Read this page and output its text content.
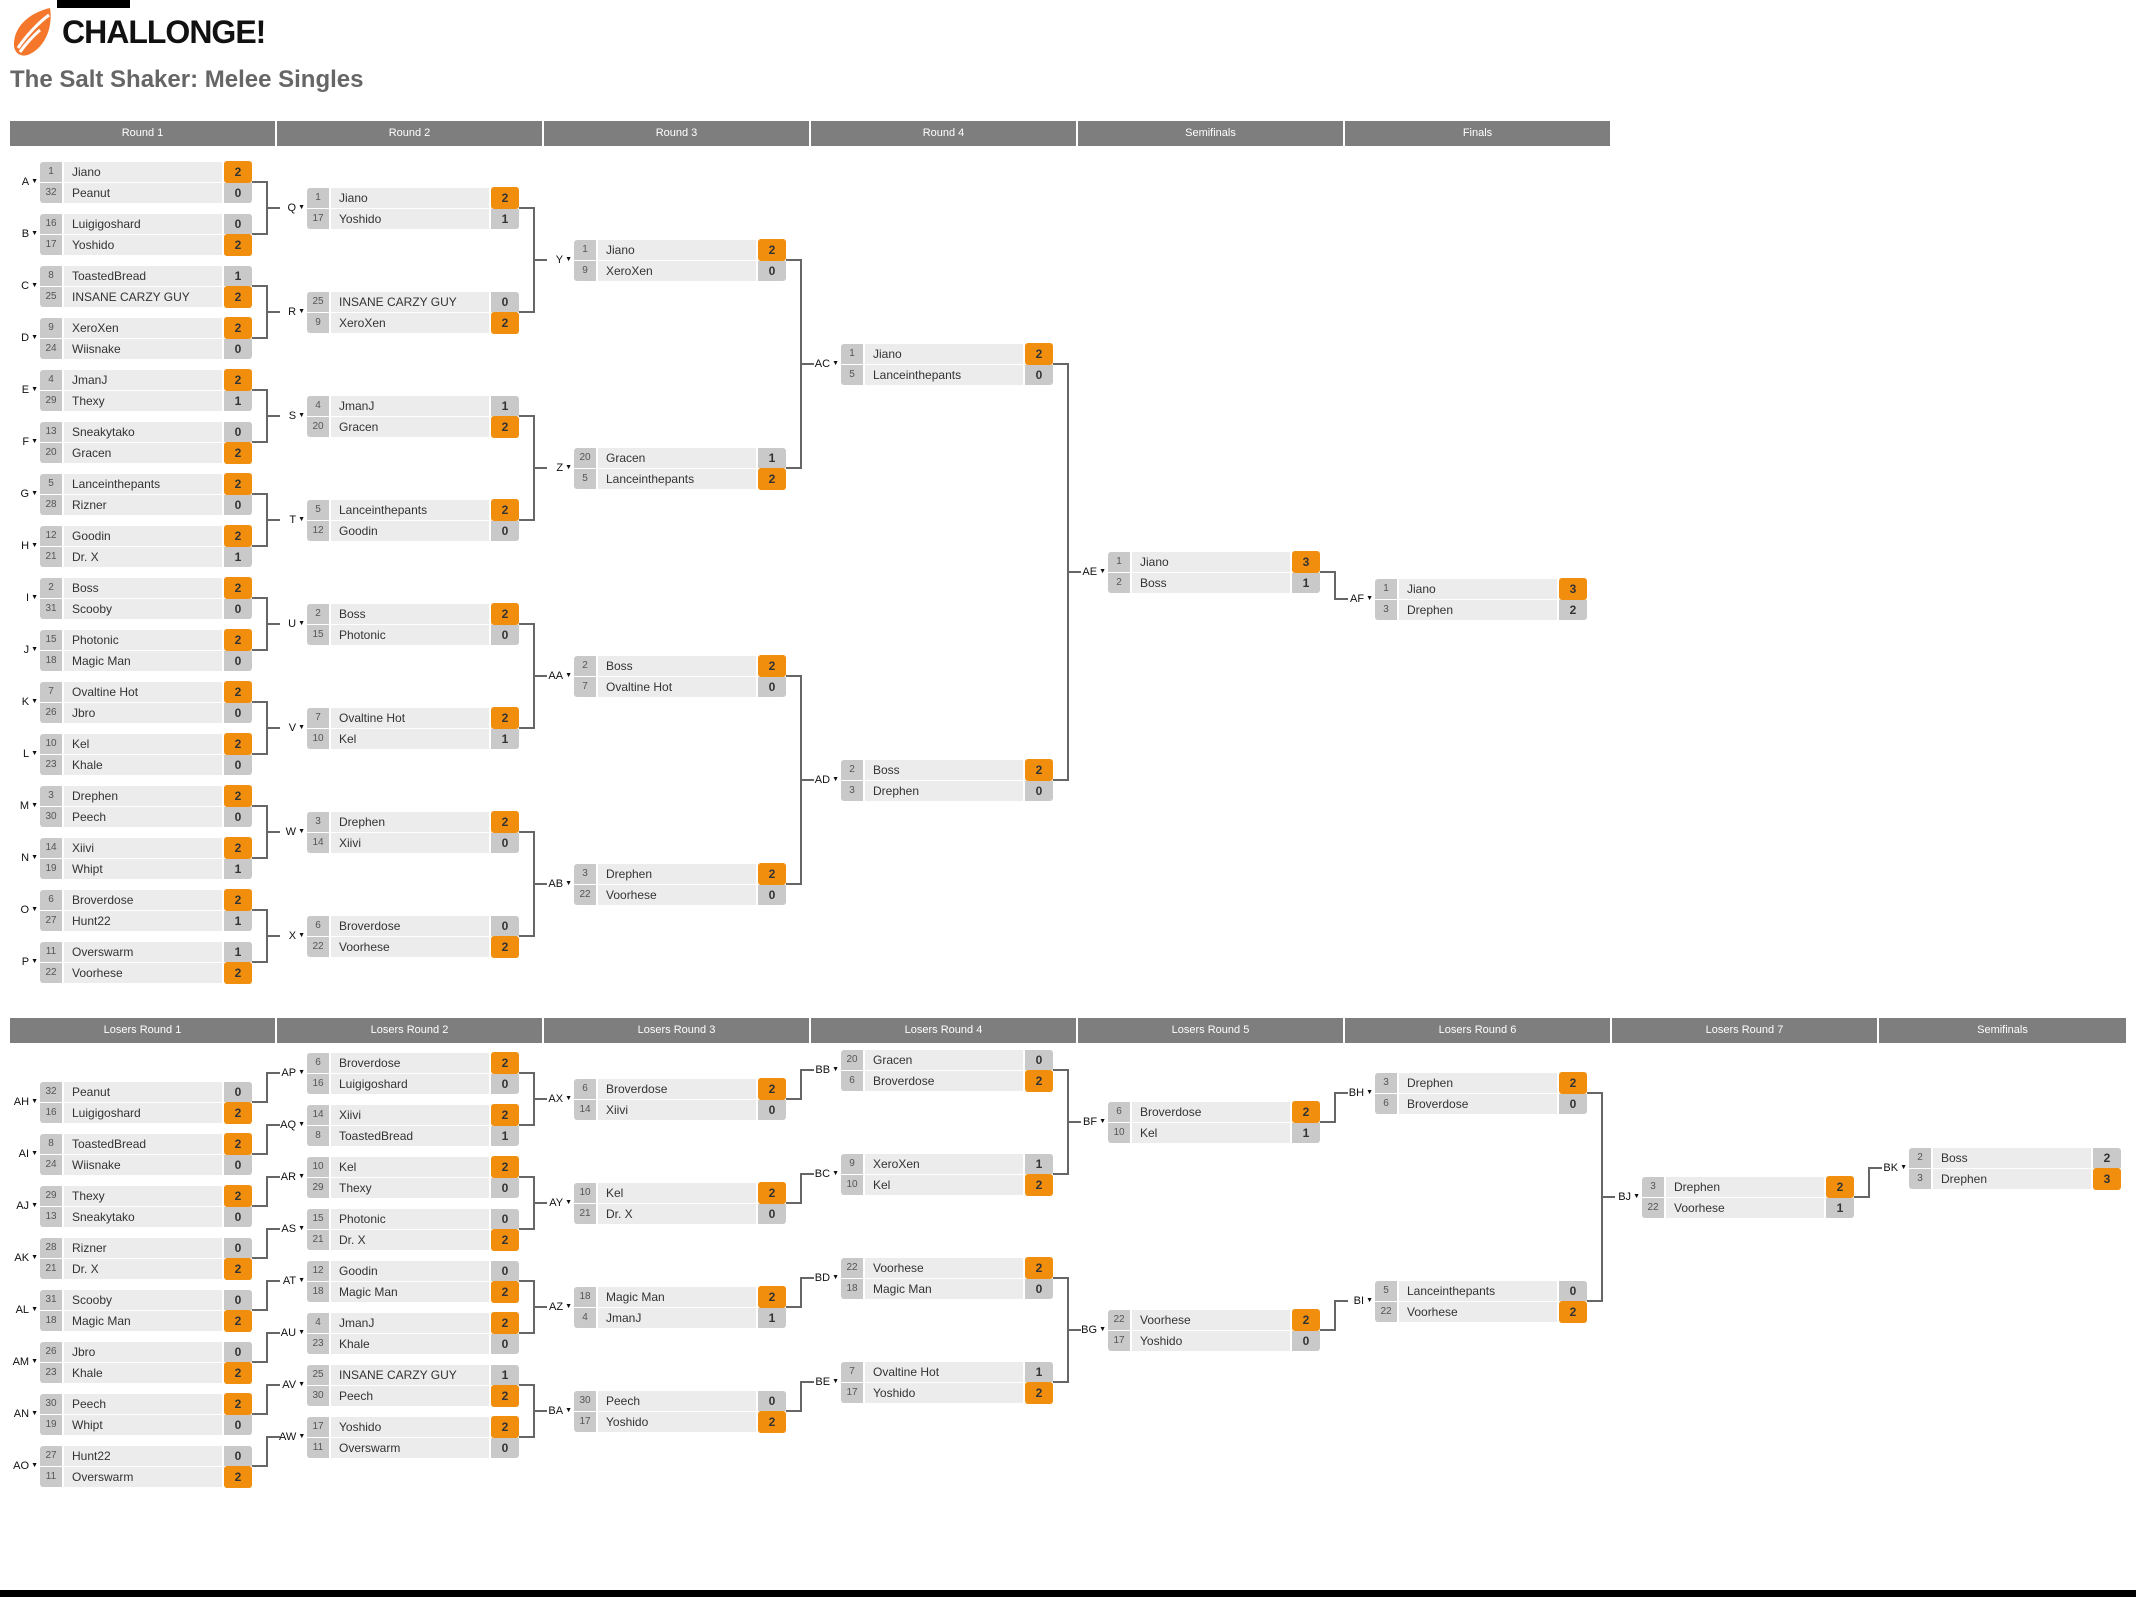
CHALLONGE!
The Salt Shaker: Melee Singles
Round 1	Round 2	Round 3	Round 4	Semifinals	Finals
A ▼
1	Jiano	2
32	Peanut	0
B ▼
16	Luigigoshard	0
17	Yoshido	2
C ▼
8	ToastedBread	1
25	INSANE CARZY GUY	2
D ▼
9	XeroXen	2
24	Wiisnake	0
E ▼
4	JmanJ	2
29	Thexy	1
F ▼
13	Sneakytako	0
20	Gracen	2
G ▼
5	Lanceinthepants	2
28	Rizner	0
H ▼
12	Goodin	2
21	Dr. X	1
I ▼
2	Boss	2
31	Scooby	0
J ▼
15	Photonic	2
18	Magic Man	0
K ▼
7	Ovaltine Hot	2
26	Jbro	0
L ▼
10	Kel	2
23	Khale	0
M ▼
3	Drephen	2
30	Peech	0
N ▼
14	Xiivi	2
19	Whipt	1
O ▼
6	Broverdose	2
27	Hunt22	1
P ▼
11	Overswarm	1
22	Voorhese	2
Q ▼
1	Jiano	2
17	Yoshido	1
R ▼
25	INSANE CARZY GUY	0
9	XeroXen	2
S ▼
4	JmanJ	1
20	Gracen	2
T ▼
5	Lanceinthepants	2
12	Goodin	0
U ▼
2	Boss	2
15	Photonic	0
V ▼
7	Ovaltine Hot	2
10	Kel	1
W ▼
3	Drephen	2
14	Xiivi	0
X ▼
6	Broverdose	0
22	Voorhese	2
Y ▼
1	Jiano	2
9	XeroXen	0
Z ▼
20	Gracen	1
5	Lanceinthepants	2
AA ▼
2	Boss	2
7	Ovaltine Hot	0
AB ▼
3	Drephen	2
22	Voorhese	0
AC ▼
1	Jiano	2
5	Lanceinthepants	0
AD ▼
2	Boss	2
3	Drephen	0
AE ▼
1	Jiano	3
2	Boss	1
AF ▼
1	Jiano	3
3	Drephen	2
Losers Round 1	Losers Round 2	Losers Round 3	Losers Round 4	Losers Round 5	Losers Round 6	Losers Round 7	Semifinals
AH ▼
32	Peanut	0
16	Luigigoshard	2
AI ▼
8	ToastedBread	2
24	Wiisnake	0
AJ ▼
29	Thexy	2
13	Sneakytako	0
AK ▼
28	Rizner	0
21	Dr. X	2
AL ▼
31	Scooby	0
18	Magic Man	2
AM ▼
26	Jbro	0
23	Khale	2
AN ▼
30	Peech	2
19	Whipt	0
AO ▼
27	Hunt22	0
11	Overswarm	2
AP ▼
6	Broverdose	2
16	Luigigoshard	0
AQ ▼
14	Xiivi	2
8	ToastedBread	1
AR ▼
10	Kel	2
29	Thexy	0
AS ▼
15	Photonic	0
21	Dr. X	2
AT ▼
12	Goodin	0
18	Magic Man	2
AU ▼
4	JmanJ	2
23	Khale	0
AV ▼
25	INSANE CARZY GUY	1
30	Peech	2
AW ▼
17	Yoshido	2
11	Overswarm	0
AX ▼
6	Broverdose	2
14	Xiivi	0
AY ▼
10	Kel	2
21	Dr. X	0
AZ ▼
18	Magic Man	2
4	JmanJ	1
BA ▼
30	Peech	0
17	Yoshido	2
BB ▼
20	Gracen	0
6	Broverdose	2
BC ▼
9	XeroXen	1
10	Kel	2
BD ▼
22	Voorhese	2
18	Magic Man	0
BE ▼
7	Ovaltine Hot	1
17	Yoshido	2
BF ▼
6	Broverdose	2
10	Kel	1
BG ▼
22	Voorhese	2
17	Yoshido	0
BH ▼
3	Drephen	2
6	Broverdose	0
BI ▼
5	Lanceinthepants	0
22	Voorhese	2
BJ ▼
3	Drephen	2
22	Voorhese	1
BK ▼
2	Boss	2
3	Drephen	3
